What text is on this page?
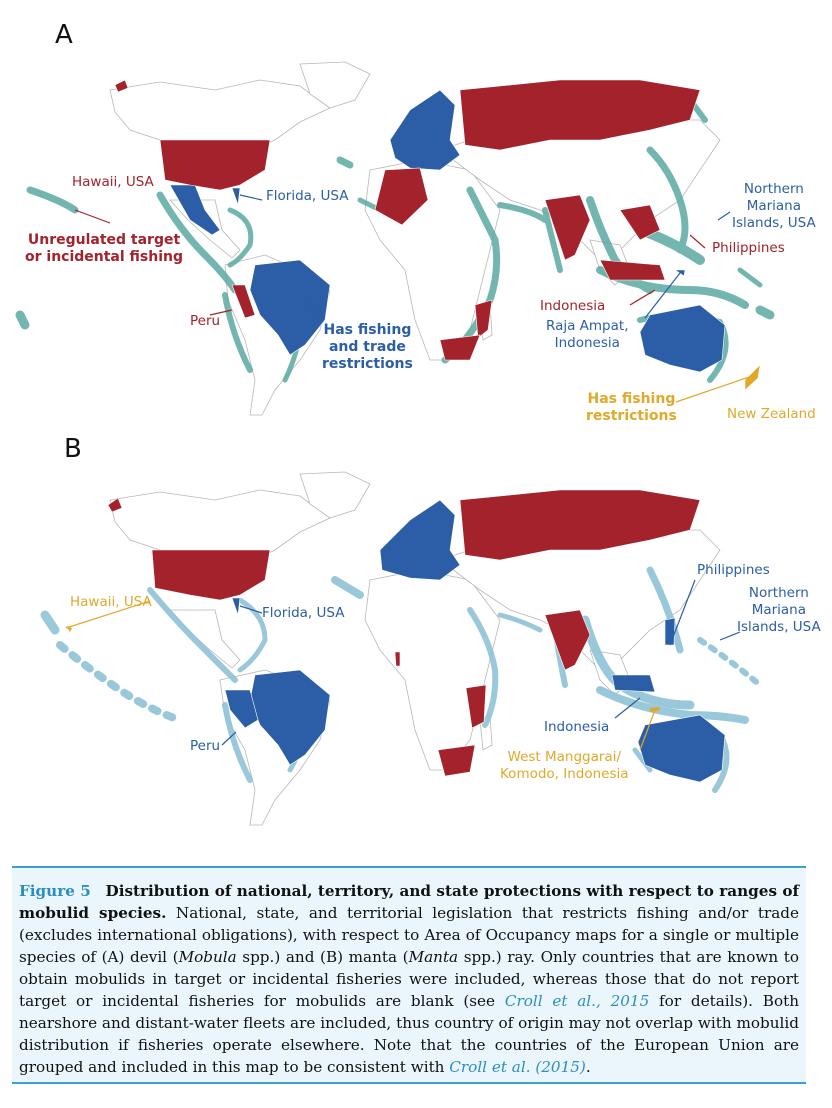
A
Hawaii, USA
Unregulated target
or incidental fishing
Florida, USA
Peru
Has fishing
and trade
restrictions
Northern
Mariana
Islands, USA
Philippines
Indonesia
Raja Ampat,
Indonesia
Has fishing
restrictions	New Zealand
B
Hawaii, USA
Florida, USA
Philippines
Northern
Mariana
Islands, USA
Peru
Indonesia
West Manggarai/
Komodo, Indonesia
Figure 5 Distribution of national, territory, and state protections with respect to ranges of mobulid species. National, state, and territorial legislation that restricts fishing and/or trade (excludes international obligations), with respect to Area of Occupancy maps for a single or multiple species of (A) devil (Mobula spp.) and (B) manta (Manta spp.) ray. Only countries that are known to obtain mobulids in target or incidental fisheries were included, whereas those that do not report target or incidental fisheries for mobulids are blank (see Croll et al., 2015 for details). Both nearshore and distant-water fleets are included, thus country of origin may not overlap with mobulid distribution if fisheries operate elsewhere. Note that the countries of the European Union are grouped and included in this map to be consistent with Croll et al. (2015).
